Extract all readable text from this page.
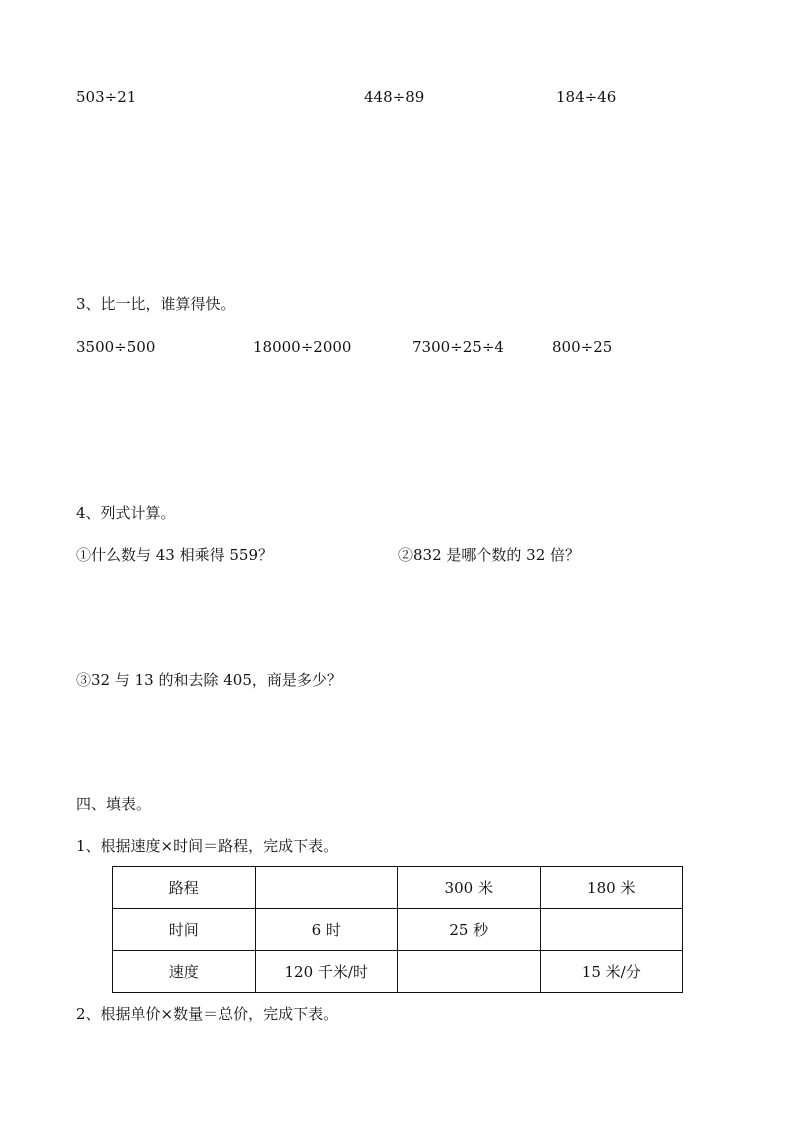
503÷21	448÷89	184÷46
3、比一比，谁算得快。
3500÷500	18000÷2000	7300÷25÷4	800÷25
4、列式计算。
①什么数与 43 相乘得 559？	②832 是哪个数的 32 倍？
③32 与 13 的和去除 405，商是多少？
四、填表。
1、根据速度×时间＝路程，完成下表。
路程		300 米	180 米
时间	6 时	25 秒	
速度	120 千米/时		15 米/分
2、根据单价×数量＝总价，完成下表。
